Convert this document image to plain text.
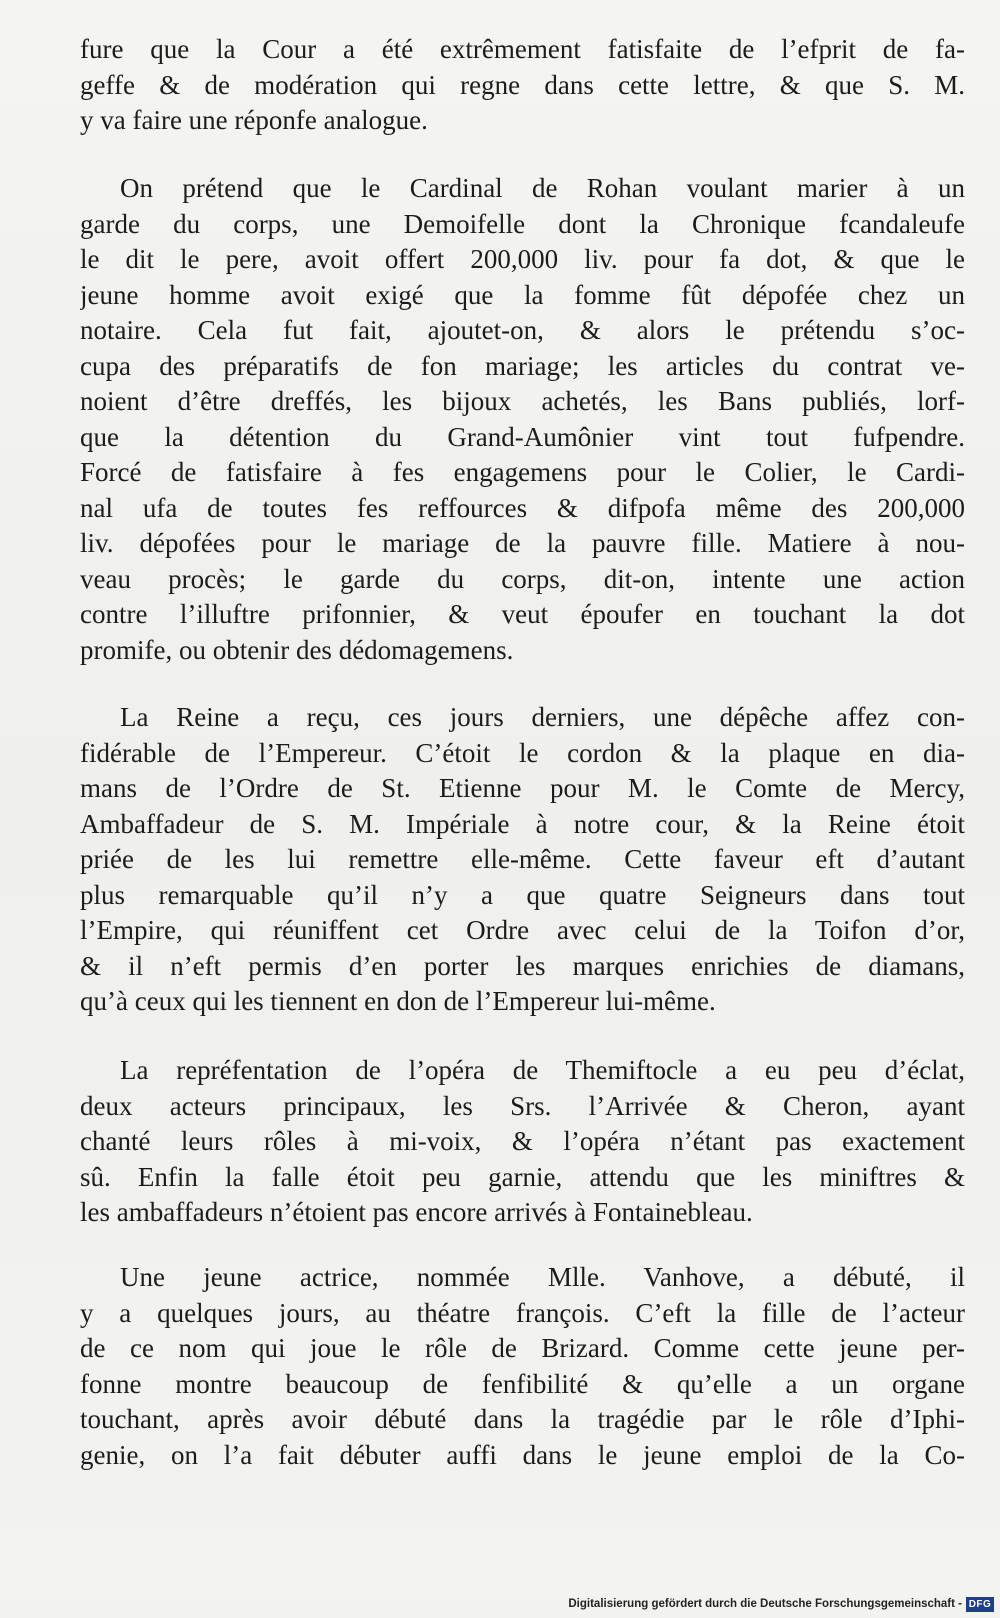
fure que la Cour a été extrêmement fatisfaite de l’efprit de fa-
geffe & de modération qui regne dans cette lettre, & que S. M.
y va faire une réponfe analogue.
On prétend que le Cardinal de Rohan voulant marier à un
garde du corps, une Demoifelle dont la Chronique fcandaleufe
le dit le pere, avoit offert 200,000 liv. pour fa dot, & que le
jeune homme avoit exigé que la fomme fût dépofée chez un
notaire. Cela fut fait, ajoutet-on, & alors le prétendu s’oc-
cupa des préparatifs de fon mariage; les articles du contrat ve-
noient d’être dreffés, les bijoux achetés, les Bans publiés, lorf-
que la détention du Grand-Aumônier vint tout fufpendre.
Forcé de fatisfaire à fes engagemens pour le Colier, le Cardi-
nal ufa de toutes fes reffources & difpofa même des 200,000
liv. dépofées pour le mariage de la pauvre fille. Matiere à nou-
veau procès; le garde du corps, dit-on, intente une action
contre l’illuftre prifonnier, & veut époufer en touchant la dot
promife, ou obtenir des dédomagemens.
La Reine a reçu, ces jours derniers, une dépêche affez con-
fidérable de l’Empereur. C’étoit le cordon & la plaque en dia-
mans de l’Ordre de St. Etienne pour M. le Comte de Mercy,
Ambaffadeur de S. M. Impériale à notre cour, & la Reine étoit
priée de les lui remettre elle-même. Cette faveur eft d’autant
plus remarquable qu’il n’y a que quatre Seigneurs dans tout
l’Empire, qui réuniffent cet Ordre avec celui de la Toifon d’or,
& il n’eft permis d’en porter les marques enrichies de diamans,
qu’à ceux qui les tiennent en don de l’Empereur lui-même.
La repréfentation de l’opéra de Themiftocle a eu peu d’éclat,
deux acteurs principaux, les Srs. l’Arrivée & Cheron, ayant
chanté leurs rôles à mi-voix, & l’opéra n’étant pas exactement
sû. Enfin la falle étoit peu garnie, attendu que les miniftres &
les ambaffadeurs n’étoient pas encore arrivés à Fontainebleau.
Une jeune actrice, nommée Mlle. Vanhove, a débuté, il
y a quelques jours, au théatre françois. C’eft la fille de l’acteur
de ce nom qui joue le rôle de Brizard. Comme cette jeune per-
fonne montre beaucoup de fenfibilité & qu’elle a un organe
touchant, après avoir débuté dans la tragédie par le rôle d’Iphi-
genie, on l’a fait débuter auffi dans le jeune emploi de la Co-
Digitalisierung gefördert durch die Deutsche Forschungsgemeinschaft - DFG
